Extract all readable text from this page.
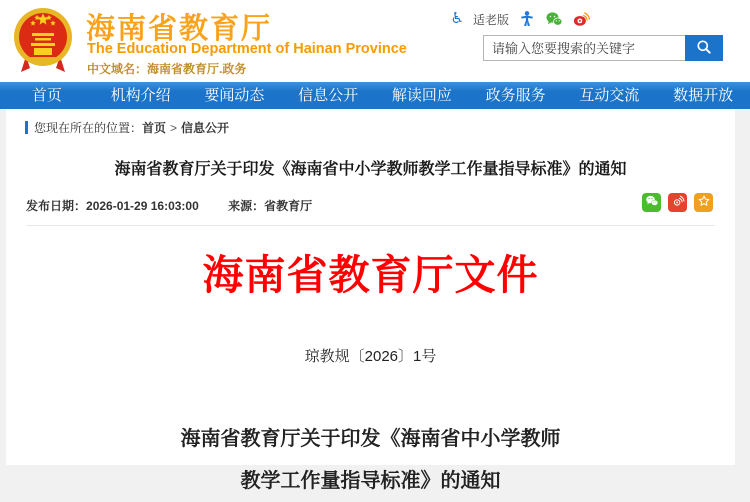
海南省教育厅
The Education Department of Hainan Province
中文域名：海南省教育厅.政务
♿ 适老版
请输入您要搜索的关键字
首页	机构介绍	要闻动态	信息公开	解读回应	政务服务	互动交流	数据开放
您现在所在的位置： 首页 > 信息公开
海南省教育厅关于印发《海南省中小学教师教学工作量指导标准》的通知
发布日期：2026-01-29 16:03:00 来源：省教育厅
海南省教育厅文件
琼教规〔2026〕1号
海南省教育厅关于印发《海南省中小学教师
教学工作量指导标准》的通知
